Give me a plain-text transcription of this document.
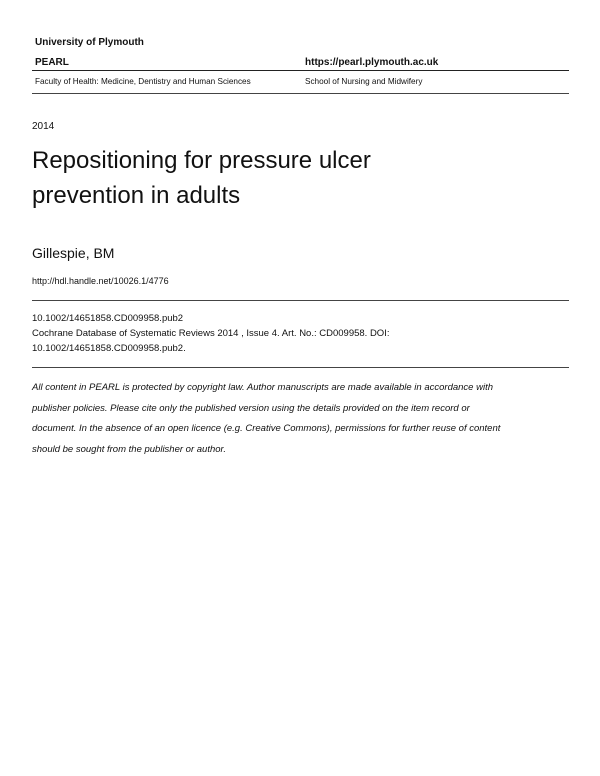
University of Plymouth
PEARL	https://pearl.plymouth.ac.uk
Faculty of Health: Medicine, Dentistry and Human Sciences	School of Nursing and Midwifery
2014
Repositioning for pressure ulcer
prevention in adults
Gillespie, BM
http://hdl.handle.net/10026.1/4776
10.1002/14651858.CD009958.pub2
Cochrane Database of Systematic Reviews 2014 , Issue 4. Art. No.: CD009958. DOI:
10.1002/14651858.CD009958.pub2.
All content in PEARL is protected by copyright law. Author manuscripts are made available in accordance with
publisher policies. Please cite only the published version using the details provided on the item record or
document. In the absence of an open licence (e.g. Creative Commons), permissions for further reuse of content
should be sought from the publisher or author.
